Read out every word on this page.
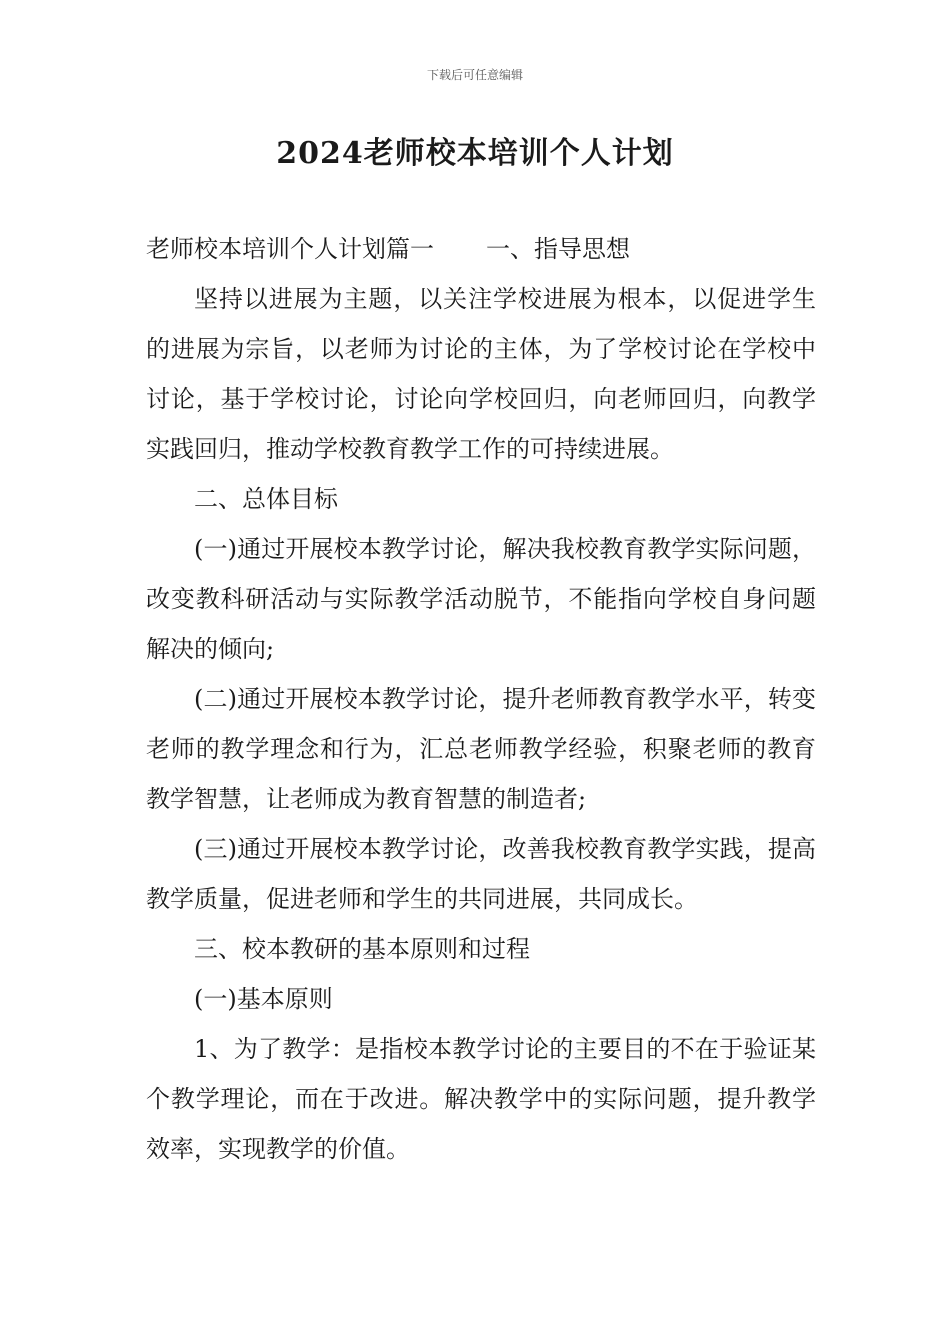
下载后可任意编辑
2024老师校本培训个人计划

老师校本培训个人计划篇一 一、指导思想

坚持以进展为主题，以关注学校进展为根本，以促进学生的进展为宗旨，以老师为讨论的主体，为了学校讨论在学校中讨论，基于学校讨论，讨论向学校回归，向老师回归，向教学实践回归，推动学校教育教学工作的可持续进展。

二、总体目标

(一)通过开展校本教学讨论，解决我校教育教学实际问题，改变教科研活动与实际教学活动脱节，不能指向学校自身问题解决的倾向;

(二)通过开展校本教学讨论，提升老师教育教学水平，转变老师的教学理念和行为，汇总老师教学经验，积聚老师的教育教学智慧，让老师成为教育智慧的制造者;

(三)通过开展校本教学讨论，改善我校教育教学实践，提高教学质量，促进老师和学生的共同进展，共同成长。

三、校本教研的基本原则和过程

(一)基本原则

1、为了教学：是指校本教学讨论的主要目的不在于验证某个教学理论，而在于改进。解决教学中的实际问题，提升教学效率，实现教学的价值。
